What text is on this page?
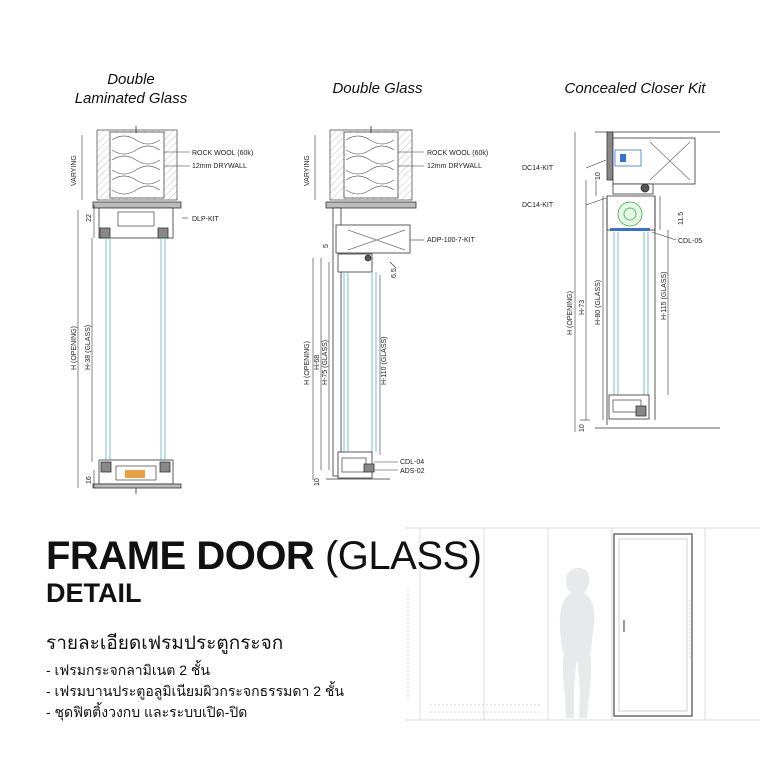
Double
Laminated Glass
Double Glass	Concealed Closer Kit
VARYING
22
H (OPENING) H-38 (GLASS)
16
ROCK WOOL (60k)
12mm DRYWALL
DLP-KIT
VARYING
5
6.5
H (OPENING) H-68 H-75 (GLASS)	H-110 (GLASS)
10
ROCK WOOL (60k)
12mm DRYWALL
ADP-100-7-KIT
CDL-04
ADS-02
DC14-KIT
DC14-KIT
CDL-05
10
11.5
H (OPENING) H-73 H-80 (GLASS)	H-115 (GLASS)
10
FRAME DOOR (GLASS)
DETAIL
รายละเอียดเฟรมประตูกระจก
- เฟรมกระจกลามิเนต 2 ชั้น
- เฟรมบานประตูอลูมิเนียมผิวกระจกธรรมดา 2 ชั้น
- ชุดฟิตติ้งวงกบ และระบบเปิด-ปิด
